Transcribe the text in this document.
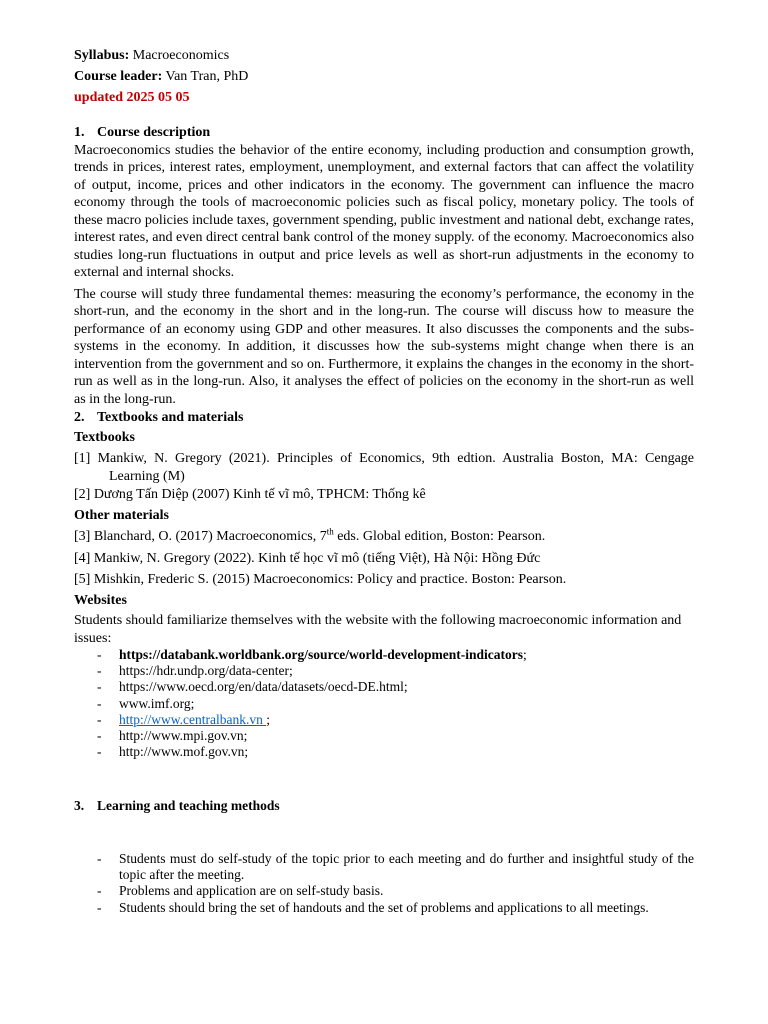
Syllabus: Macroeconomics
Course leader: Van Tran, PhD
updated 2025 05 05
1. Course description

Macroeconomics studies the behavior of the entire economy, including production and consumption growth, trends in prices, interest rates, employment, unemployment, and external factors that can affect the volatility of output, income, prices and other indicators in the economy. The government can influence the macro economy through the tools of macroeconomic policies such as fiscal policy, monetary policy. The tools of these macro policies include taxes, government spending, public investment and national debt, exchange rates, interest rates, and even direct central bank control of the money supply. of the economy. Macroeconomics also studies long-run fluctuations in output and price levels as well as short-run adjustments in the economy to external and internal shocks.

The course will study three fundamental themes: measuring the economy’s performance, the economy in the short-run, and the economy in the short and in the long-run. The course will discuss how to measure the performance of an economy using GDP and other measures. It also discusses the components and the subs-systems in the economy. In addition, it discusses how the sub-systems might change when there is an intervention from the government and so on. Furthermore, it explains the changes in the economy in the short-run as well as in the long-run. Also, it analyses the effect of policies on the economy in the short-run as well as in the long-run.

2. Textbooks and materials
Textbooks

[1] Mankiw, N. Gregory (2021). Principles of Economics, 9th edtion. Australia Boston, MA: Cengage Learning (M)

[2] Dương Tấn Diệp (2007) Kinh tế vĩ mô, TPHCM: Thống kê

Other materials

[3] Blanchard, O. (2017) Macroeconomics, 7th eds. Global edition, Boston: Pearson.

[4] Mankiw, N. Gregory (2022). Kinh tế học vĩ mô (tiếng Việt), Hà Nội: Hồng Đức

[5] Mishkin, Frederic S. (2015) Macroeconomics: Policy and practice. Boston: Pearson.

Websites

Students should familiarize themselves with the website with the following macroeconomic information and issues:

- https://databank.worldbank.org/source/world-development-indicators;
- https://hdr.undp.org/data-center;
- https://www.oecd.org/en/data/datasets/oecd-DE.html;
- www.imf.org;
- http://www.centralbank.vn ;
- http://www.mpi.gov.vn;
- http://www.mof.gov.vn;
3. Learning and teaching methods
- Students must do self-study of the topic prior to each meeting and do further and insightful study of the topic after the meeting.
- Problems and application are on self-study basis.
- Students should bring the set of handouts and the set of problems and applications to all meetings.
